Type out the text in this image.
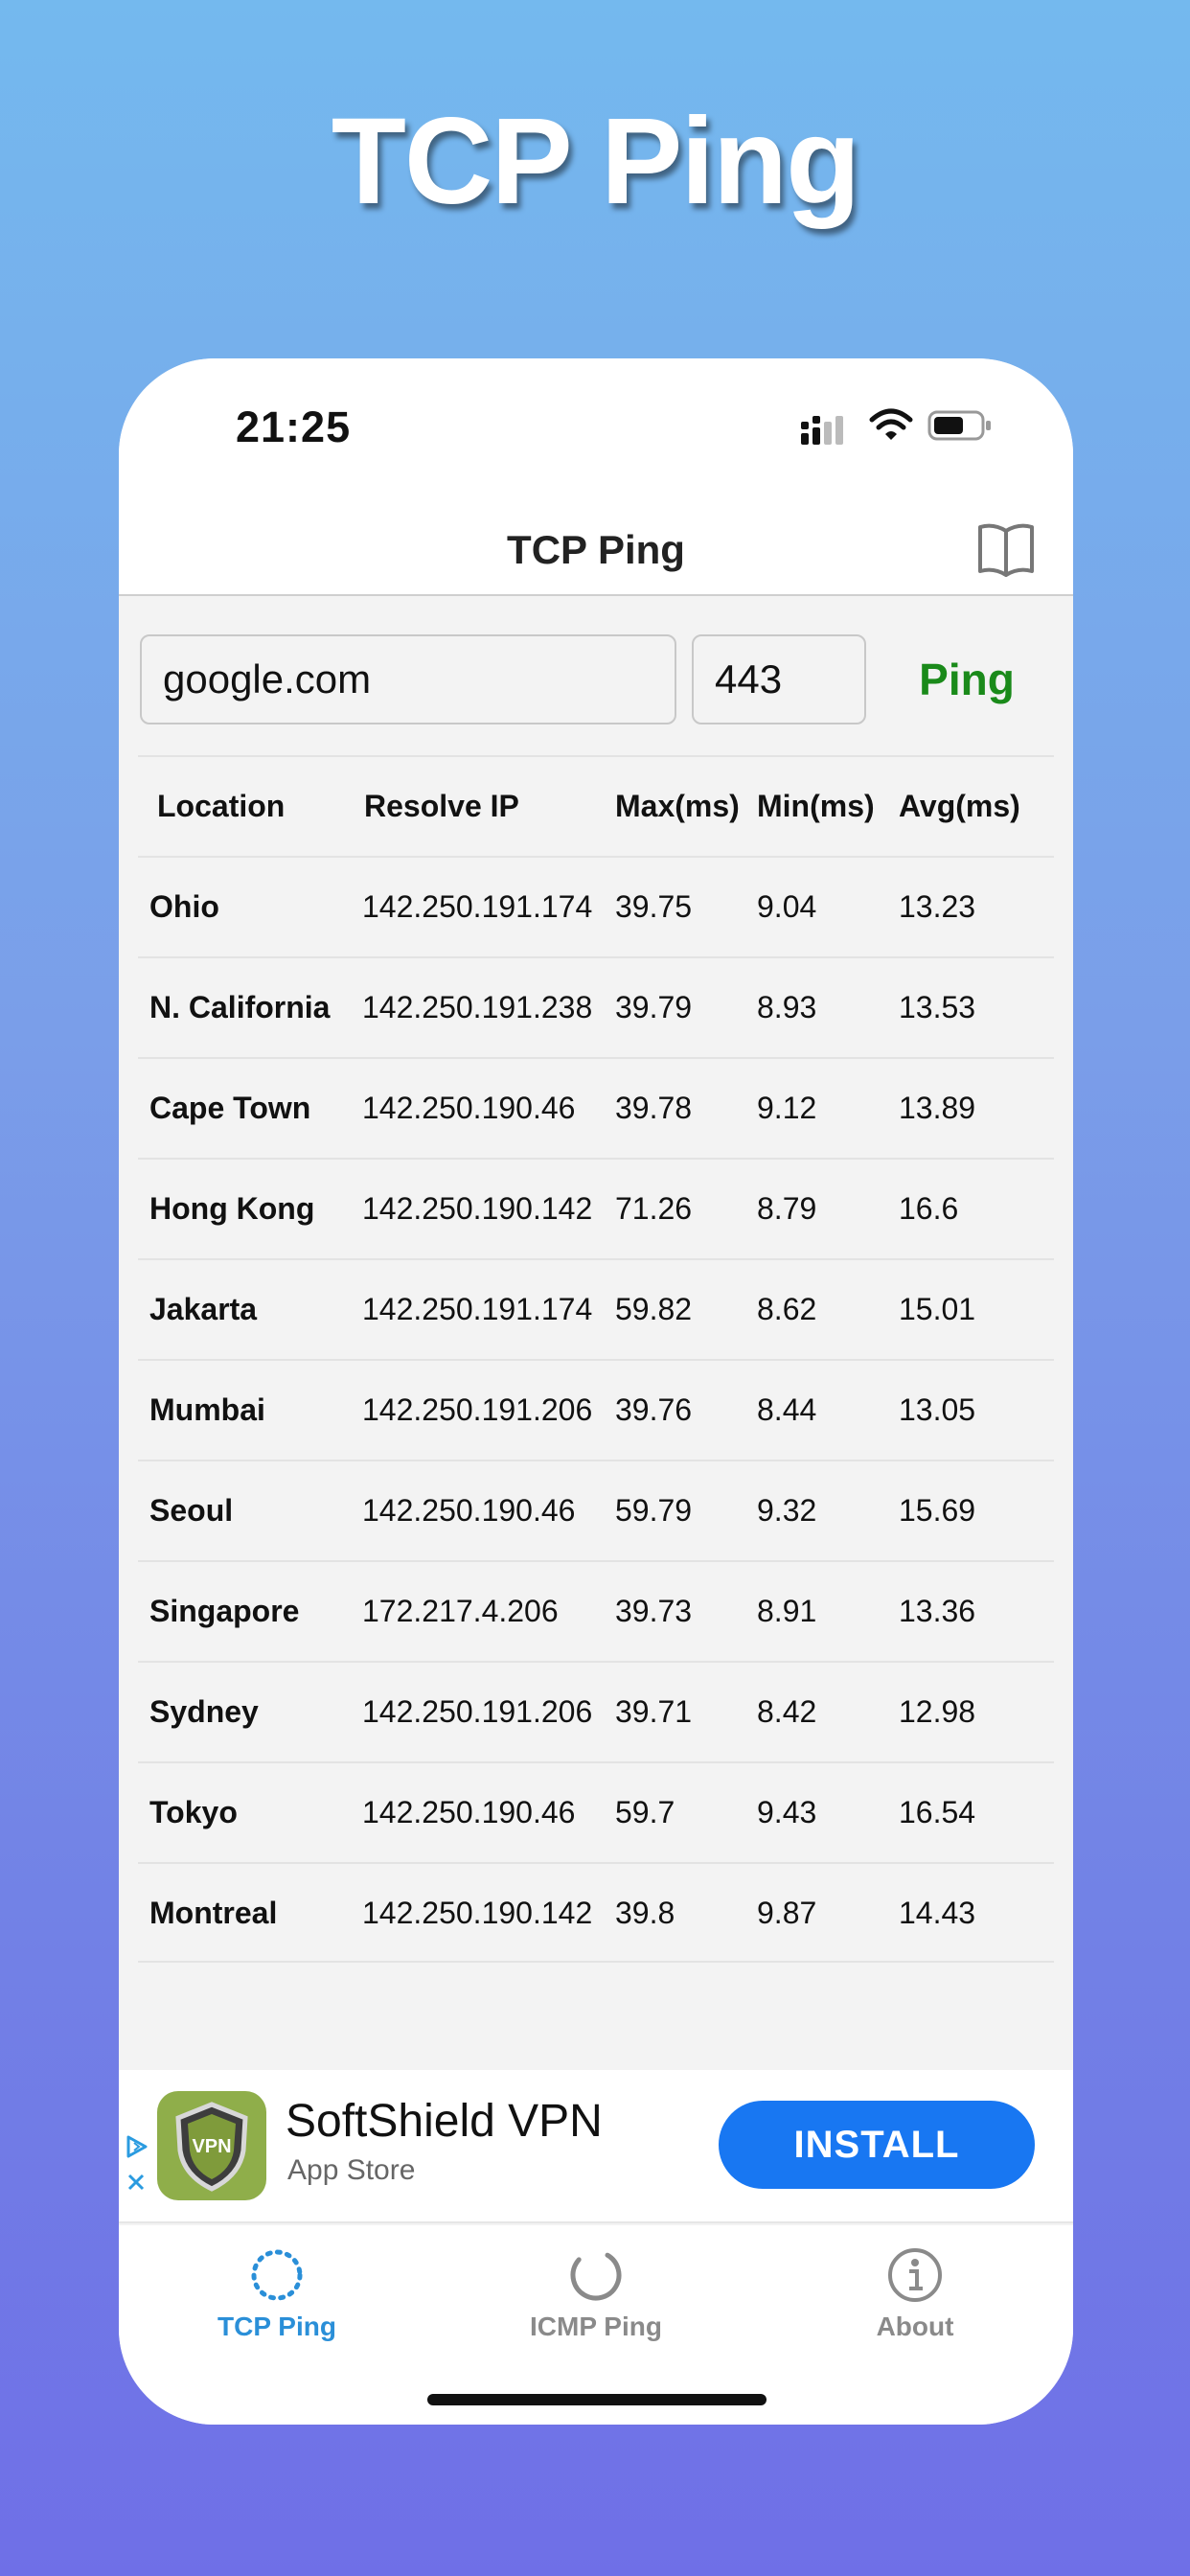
TCP Ping
21:25
TCP Ping
google.com	443	Ping
Location	Resolve IP	Max(ms) Min(ms) Avg(ms)
Ohio	142.250.191.174 39.75 9.04	13.23
N. California 142.250.191.238 39.79 8.93	13.53
Cape Town 142.250.190.46 39.78 9.12	13.89
Hong Kong 142.250.190.142 71.26 8.79	16.6
Jakarta	142.250.191.174 59.82 8.62	15.01
Mumbai	142.250.191.206 39.76 8.44	13.05
Seoul	142.250.190.46 59.79 9.32	15.69
Singapore 172.217.4.206 39.73 8.91	13.36
Sydney	142.250.191.206 39.71 8.42	12.98
Tokyo	142.250.190.46 59.7	9.43	16.54
Montreal	142.250.190.142 39.8	9.87	14.43
VPN SoftShield VPN
App Store
INSTALL
TCP Ping	ICMP Ping	About
